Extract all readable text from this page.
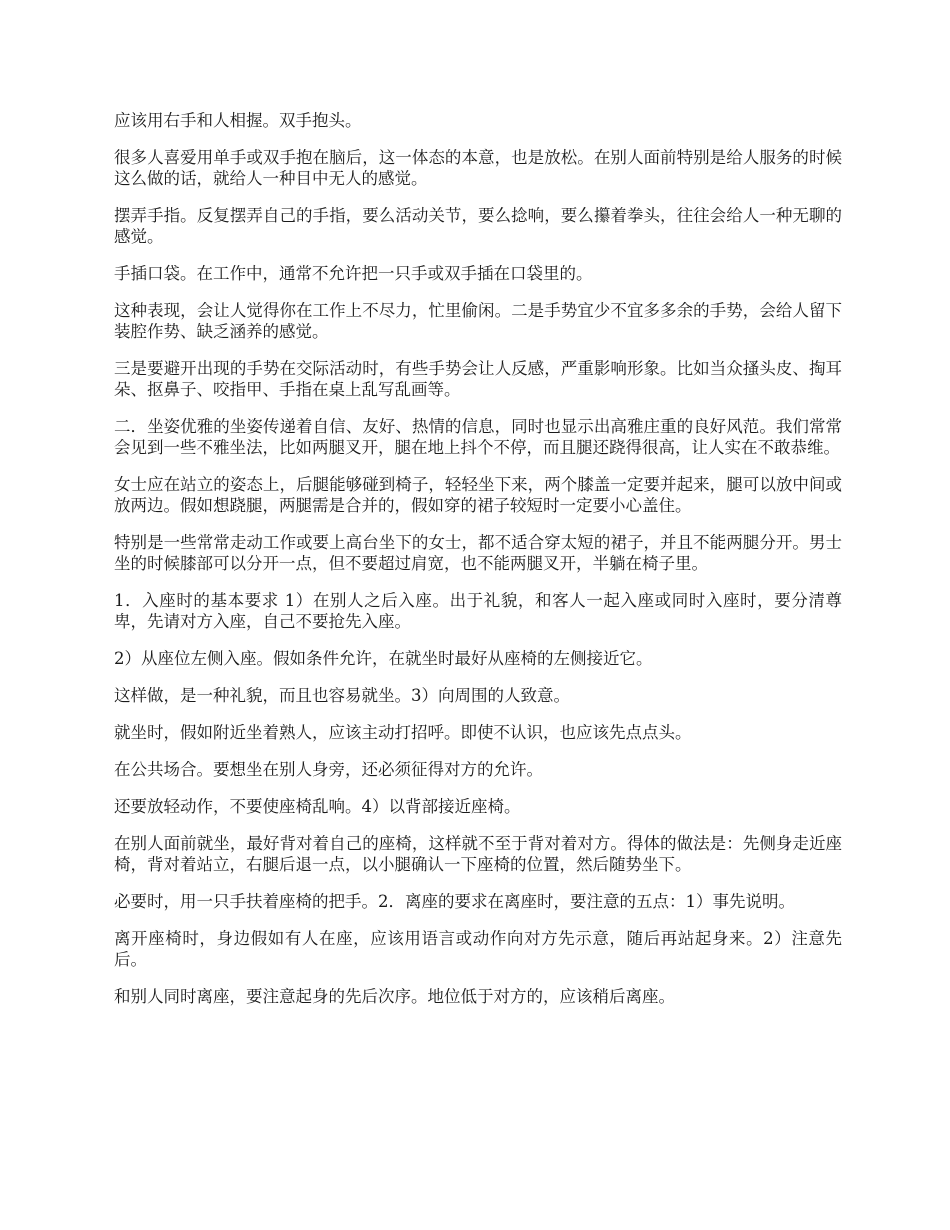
应该用右手和人相握。双手抱头。

很多人喜爱用单手或双手抱在脑后，这一体态的本意，也是放松。在别人面前特别是给人服务的时候这么做的话，就给人一种目中无人的感觉。

摆弄手指。反复摆弄自己的手指，要么活动关节，要么捻响，要么攥着拳头，往往会给人一种无聊的感觉。

手插口袋。在工作中，通常不允许把一只手或双手插在口袋里的。

这种表现，会让人觉得你在工作上不尽力，忙里偷闲。二是手势宜少不宜多多余的手势，会给人留下装腔作势、缺乏涵养的感觉。

三是要避开出现的手势在交际活动时，有些手势会让人反感，严重影响形象。比如当众搔头皮、掏耳朵、抠鼻子、咬指甲、手指在桌上乱写乱画等。

二．坐姿优雅的坐姿传递着自信、友好、热情的信息，同时也显示出高雅庄重的良好风范。我们常常会见到一些不雅坐法，比如两腿叉开，腿在地上抖个不停，而且腿还跷得很高，让人实在不敢恭维。

女士应在站立的姿态上，后腿能够碰到椅子，轻轻坐下来，两个膝盖一定要并起来，腿可以放中间或放两边。假如想跷腿，两腿需是合并的，假如穿的裙子较短时一定要小心盖住。

特别是一些常常走动工作或要上高台坐下的女士，都不适合穿太短的裙子，并且不能两腿分开。男士坐的时候膝部可以分开一点，但不要超过肩宽，也不能两腿叉开，半躺在椅子里。

1．入座时的基本要求 1）在别人之后入座。出于礼貌，和客人一起入座或同时入座时，要分清尊卑，先请对方入座，自己不要抢先入座。

2）从座位左侧入座。假如条件允许，在就坐时最好从座椅的左侧接近它。

这样做，是一种礼貌，而且也容易就坐。3）向周围的人致意。

就坐时，假如附近坐着熟人，应该主动打招呼。即使不认识，也应该先点点头。

在公共场合。要想坐在别人身旁，还必须征得对方的允许。

还要放轻动作，不要使座椅乱响。4）以背部接近座椅。

在别人面前就坐，最好背对着自己的座椅，这样就不至于背对着对方。得体的做法是：先侧身走近座椅，背对着站立，右腿后退一点，以小腿确认一下座椅的位置，然后随势坐下。

必要时，用一只手扶着座椅的把手。2．离座的要求在离座时，要注意的五点：1）事先说明。

离开座椅时，身边假如有人在座，应该用语言或动作向对方先示意，随后再站起身来。2）注意先后。

和别人同时离座，要注意起身的先后次序。地位低于对方的，应该稍后离座。
